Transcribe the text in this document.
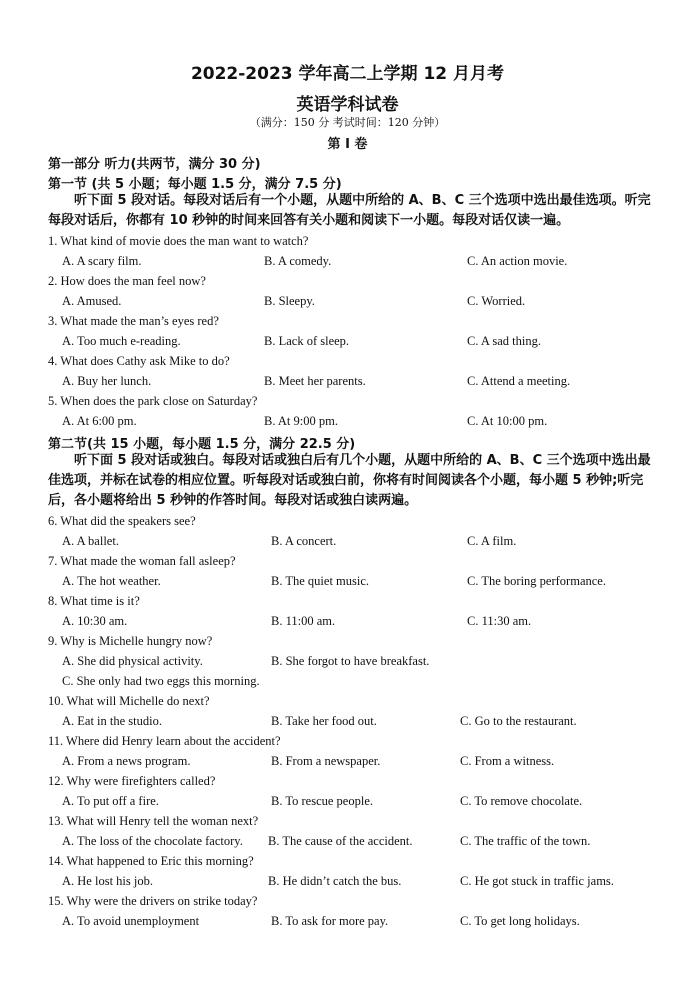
2022-2023 学年高二上学期 12 月月考
英语学科试卷
（满分：150 分 考试时间：120 分钟）
第 I 卷
第一部分 听力(共两节，满分 30 分)
第一节 (共 5 小题；每小题 1.5 分，满分 7.5 分)
听下面 5 段对话。每段对话后有一个小题，从题中所给的 A、B、C 三个选项中选出最佳选项。听完每段对话后，你都有 10 秒钟的时间来回答有关小题和阅读下一小题。每段对话仅读一遍。
1. What kind of movie does the man want to watch?
A. A scary film.	B. A comedy.	C. An action movie.
2. How does the man feel now?
A. Amused.	B. Sleepy.	C. Worried.
3. What made the man’s eyes red?
A. Too much e-reading.	B. Lack of sleep.	C. A sad thing.
4. What does Cathy ask Mike to do?
A. Buy her lunch.	B. Meet her parents.	C. Attend a meeting.
5. When does the park close on Saturday?
A. At 6:00 pm.	B. At 9:00 pm.	C. At 10:00 pm.
第二节(共 15 小题，每小题 1.5 分，满分 22.5 分)
听下面 5 段对话或独白。每段对话或独白后有几个小题，从题中所给的 A、B、C 三个选项中选出最佳选项，并标在试卷的相应位置。听每段对话或独白前，你将有时间阅读各个小题，每小题 5 秒钟;听完后，各小题将给出 5 秒钟的作答时间。每段对话或独白读两遍。
6. What did the speakers see?
A. A ballet.	B. A concert.	C. A film.
7. What made the woman fall asleep?
A. The hot weather.	B. The quiet music.	C. The boring performance.
8. What time is it?
A. 10:30 am.	B. 11:00 am.	C. 11:30 am.
9. Why is Michelle hungry now?
A. She did physical activity.	B. She forgot to have breakfast.
C. She only had two eggs this morning.
10. What will Michelle do next?
A. Eat in the studio.	B. Take her food out.	C. Go to the restaurant.
11. Where did Henry learn about the accident?
A. From a news program.	B. From a newspaper.	C. From a witness.
12. Why were firefighters called?
A. To put off a fire.	B. To rescue people.	C. To remove chocolate.
13. What will Henry tell the woman next?
A. The loss of the chocolate factory. B. The cause of the accident.	C. The traffic of the town.
14. What happened to Eric this morning?
A. He lost his job.	B. He didn’t catch the bus.	C. He got stuck in traffic jams.
15. Why were the drivers on strike today?
A. To avoid unemployment	B. To ask for more pay.	C. To get long holidays.
